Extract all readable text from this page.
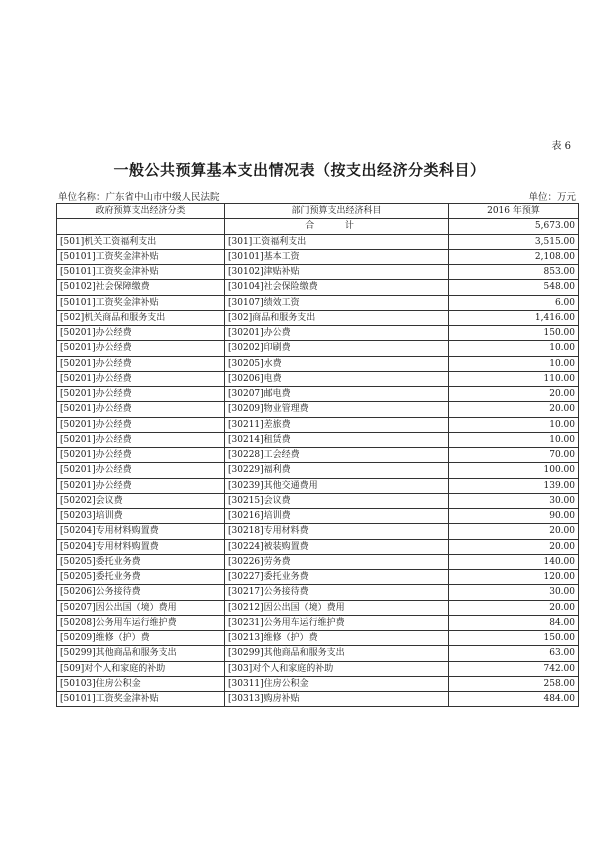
表 6
一般公共预算基本支出情况表（按支出经济分类科目）
单位名称：广东省中山市中级人民法院	单位：万元
政府预算支出经济分类	部门预算支出经济科目	2016 年预算
	合 计	5,673.00
[501]机关工资福利支出	[301]工资福利支出	3,515.00
[50101]工资奖金津补贴	[30101]基本工资	2,108.00
[50101]工资奖金津补贴	[30102]津贴补贴	853.00
[50102]社会保障缴费	[30104]社会保险缴费	548.00
[50101]工资奖金津补贴	[30107]绩效工资	6.00
[502]机关商品和服务支出	[302]商品和服务支出	1,416.00
[50201]办公经费	[30201]办公费	150.00
[50201]办公经费	[30202]印刷费	10.00
[50201]办公经费	[30205]水费	10.00
[50201]办公经费	[30206]电费	110.00
[50201]办公经费	[30207]邮电费	20.00
[50201]办公经费	[30209]物业管理费	20.00
[50201]办公经费	[30211]差旅费	10.00
[50201]办公经费	[30214]租赁费	10.00
[50201]办公经费	[30228]工会经费	70.00
[50201]办公经费	[30229]福利费	100.00
[50201]办公经费	[30239]其他交通费用	139.00
[50202]会议费	[30215]会议费	30.00
[50203]培训费	[30216]培训费	90.00
[50204]专用材料购置费	[30218]专用材料费	20.00
[50204]专用材料购置费	[30224]被装购置费	20.00
[50205]委托业务费	[30226]劳务费	140.00
[50205]委托业务费	[30227]委托业务费	120.00
[50206]公务接待费	[30217]公务接待费	30.00
[50207]因公出国（境）费用	[30212]因公出国（境）费用	20.00
[50208]公务用车运行维护费	[30231]公务用车运行维护费	84.00
[50209]维修（护）费	[30213]维修（护）费	150.00
[50299]其他商品和服务支出	[30299]其他商品和服务支出	63.00
[509]对个人和家庭的补助	[303]对个人和家庭的补助	742.00
[50103]住房公积金	[30311]住房公积金	258.00
[50101]工资奖金津补贴	[30313]购房补贴	484.00
